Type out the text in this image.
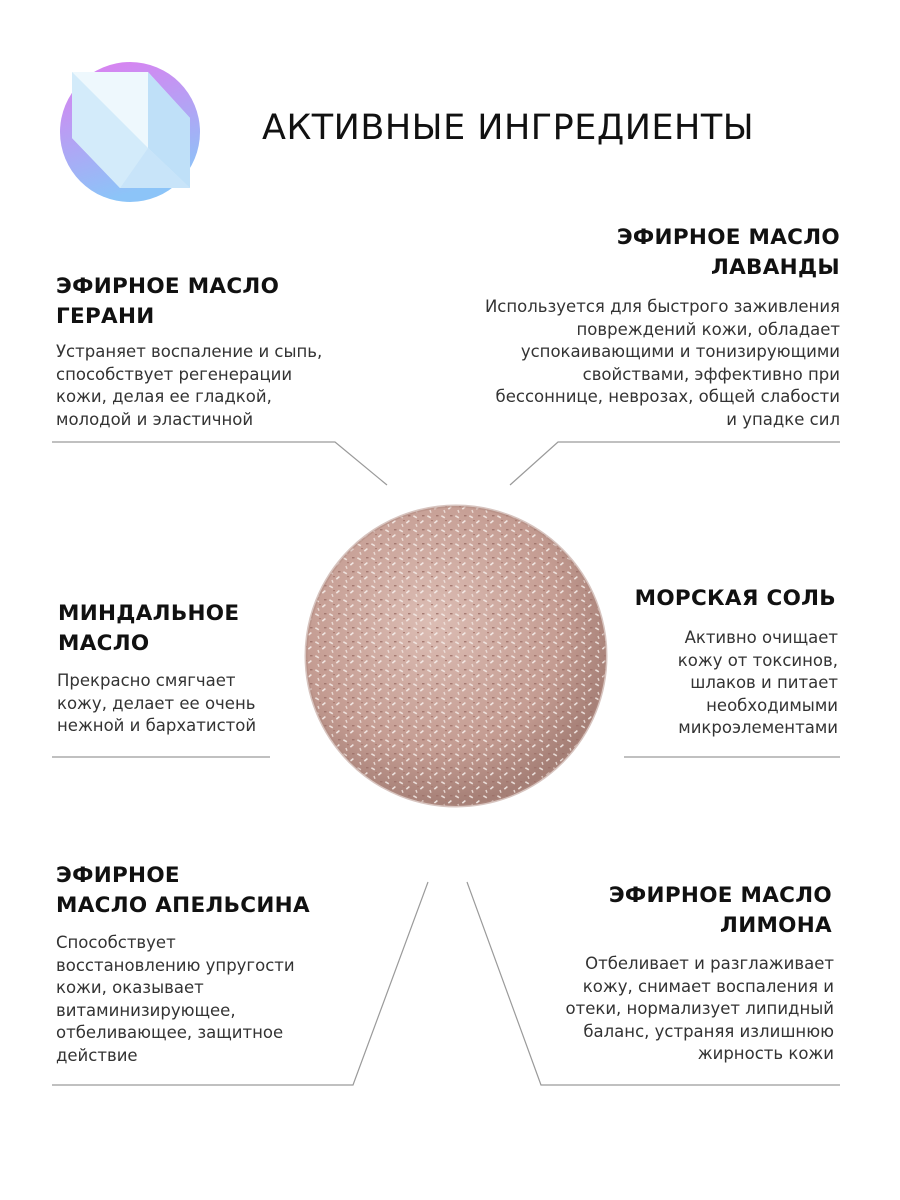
АКТИВНЫЕ ИНГРЕДИЕНТЫ
ЭФИРНОЕ МАСЛО
ГЕРАНИ
Устраняет воспаление и сыпь,
способствует регенерации
кожи, делая ее гладкой,
молодой и эластичной
ЭФИРНОЕ МАСЛО
ЛАВАНДЫ
Используется для быстрого заживления
повреждений кожи, обладает
успокаивающими и тонизирующими
свойствами, эффективно при
бессоннице, неврозах, общей слабости
и упадке сил
МИНДАЛЬНОЕ
МАСЛО
Прекрасно смягчает
кожу, делает ее очень
нежной и бархатистой
МОРСКАЯ СОЛЬ
Активно очищает
кожу от токсинов,
шлаков и питает
необходимыми
микроэлементами
ЭФИРНОЕ
МАСЛО АПЕЛЬСИНА
Способствует
восстановлению упругости
кожи, оказывает
витаминизирующее,
отбеливающее, защитное
действие
ЭФИРНОЕ МАСЛО
ЛИМОНА
Отбеливает и разглаживает
кожу, снимает воспаления и
отеки, нормализует липидный
баланс, устраняя излишнюю
жирность кожи
